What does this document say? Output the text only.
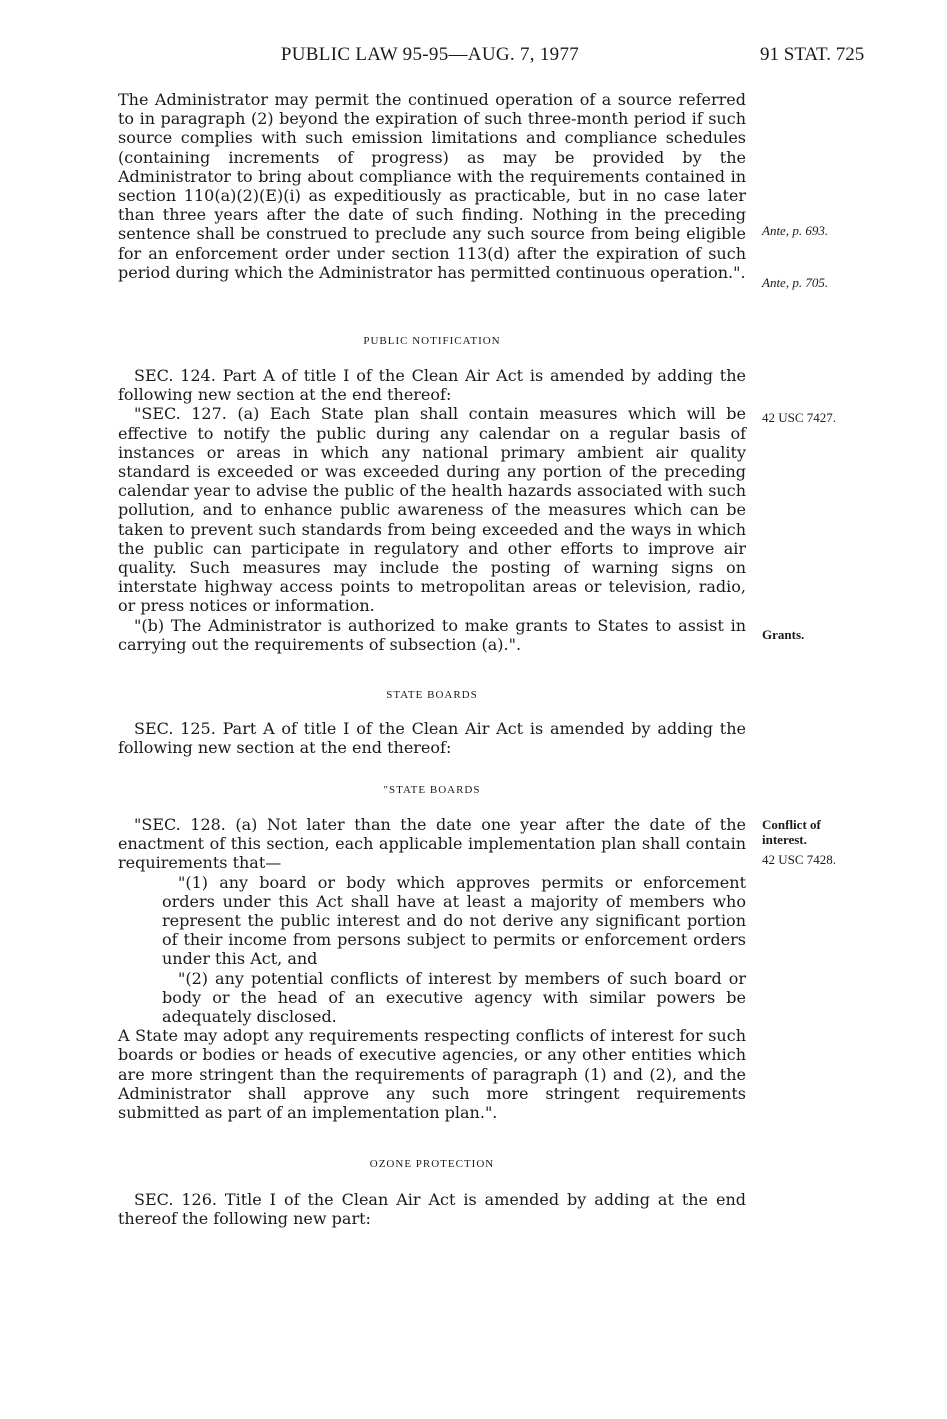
PUBLIC LAW 95-95—AUG. 7, 1977	91 STAT. 725

The Administrator may permit the continued operation of a source referred to in paragraph (2) beyond the expiration of such three-month period if such source complies with such emission limitations and compliance schedules (containing increments of progress) as may be provided by the Administrator to bring about compliance with the requirements contained in section 110(a)(2)(E)(i) as expeditiously as practicable, but in no case later than three years after the date of such finding. Nothing in the preceding sentence shall be construed to preclude any such source from being eligible for an enforcement order under section 113(d) after the expiration of such period during which the Administrator has permitted continuous operation.".

Ante, p. 693.
Ante, p. 705.
PUBLIC NOTIFICATION

SEC. 124. Part A of title I of the Clean Air Act is amended by adding the following new section at the end thereof:

"SEC. 127. (a) Each State plan shall contain measures which will be effective to notify the public during any calendar on a regular basis of instances or areas in which any national primary ambient air quality standard is exceeded or was exceeded during any portion of the preceding calendar year to advise the public of the health hazards associated with such pollution, and to enhance public awareness of the measures which can be taken to prevent such standards from being exceeded and the ways in which the public can participate in regulatory and other efforts to improve air quality. Such measures may include the posting of warning signs on interstate highway access points to metropolitan areas or television, radio, or press notices or information.

"(b) The Administrator is authorized to make grants to States to assist in carrying out the requirements of subsection (a).".

42 USC 7427.
Grants.
STATE BOARDS

SEC. 125. Part A of title I of the Clean Air Act is amended by adding the following new section at the end thereof:

"STATE BOARDS

"SEC. 128. (a) Not later than the date one year after the date of the enactment of this section, each applicable implementation plan shall contain requirements that—

"(1) any board or body which approves permits or enforcement orders under this Act shall have at least a majority of members who represent the public interest and do not derive any significant portion of their income from persons subject to permits or enforcement orders under this Act, and

"(2) any potential conflicts of interest by members of such board or body or the head of an executive agency with similar powers be adequately disclosed.

A State may adopt any requirements respecting conflicts of interest for such boards or bodies or heads of executive agencies, or any other entities which are more stringent than the requirements of paragraph (1) and (2), and the Administrator shall approve any such more stringent requirements submitted as part of an implementation plan.".

Conflict of
interest.
42 USC 7428.
OZONE PROTECTION

SEC. 126. Title I of the Clean Air Act is amended by adding at the end thereof the following new part:
